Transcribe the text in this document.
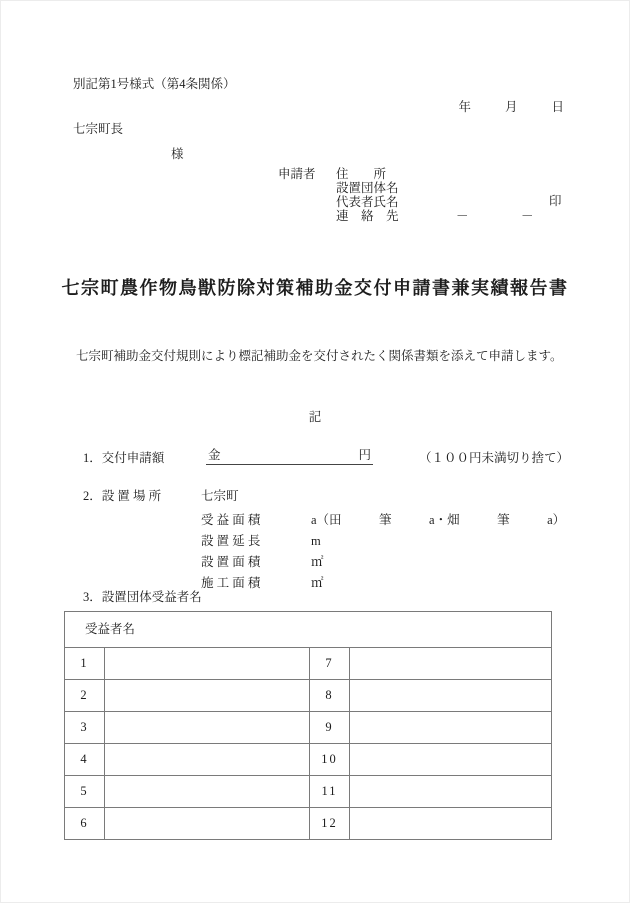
別記第1号様式（第4条関係）
年	月	日
七宗町長
様
申請者 住　　所
設置団体名
代表者氏名	印
連　絡　先	－	－
七宗町農作物鳥獣防除対策補助金交付申請書兼実績報告書
七宗町補助金交付規則により標記補助金を交付されたく関係書類を添えて申請します。
記
1．交付申請額	金	円	（１００円未満切り捨て）
2．設 置 場 所	七宗町
受 益 面 積	a（田　　　筆　　　a・畑　　　筆　　　a）
設 置 延 長	m
設 置 面 積	㎡
施 工 面 積	㎡
3．設置団体受益者名
受益者名			
1		7	
2		8	
3		9	
4		10	
5		11	
6		12	
